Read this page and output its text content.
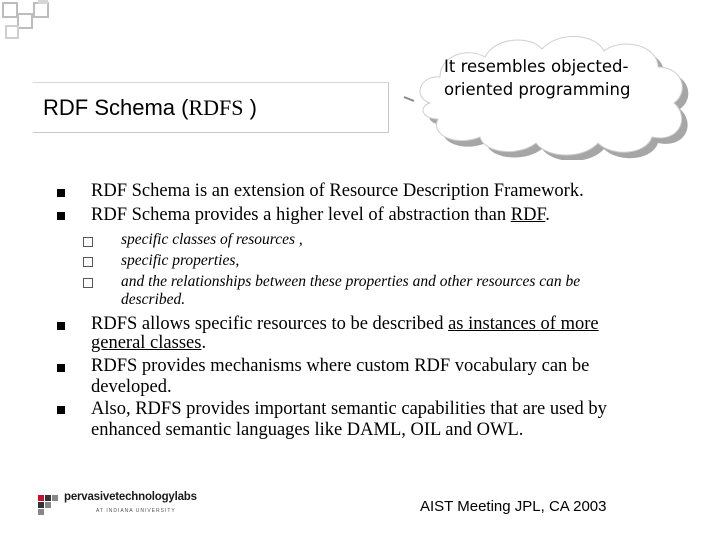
RDF Schema (RDFS )
It resembles objected-oriented programming
RDF Schema is an extension of Resource Description Framework.
RDF Schema provides a higher level of abstraction than RDF.
specific classes of resources ,
specific properties,
and the relationships between these properties and other resources can be
described.
RDFS allows specific resources to be described as instances of more
general classes.
RDFS provides mechanisms where custom RDF vocabulary can be
developed.
Also, RDFS provides important semantic capabilities that are used by
enhanced semantic languages like DAML, OIL and OWL.
pervasivetechnologylabs
AT INDIANA UNIVERSITY	AIST Meeting JPL, CA 2003
